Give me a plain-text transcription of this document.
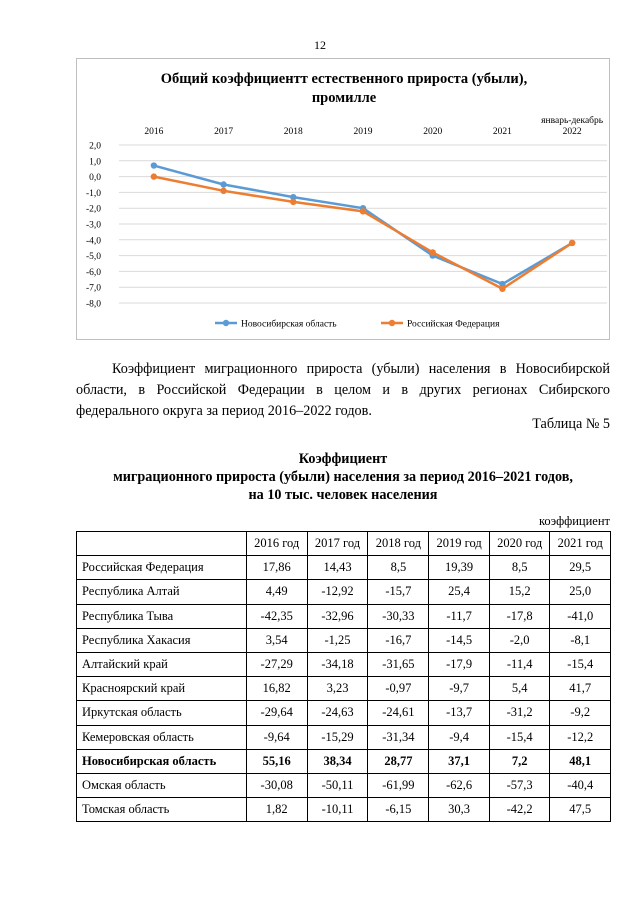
12
Общий коэффициентт естественного прироста (убыли),
промилле
2,0
1,0
0,0
-1,0
-2,0
-3,0
-4,0
-5,0
-6,0
-7,0
-8,0
2016	2017	2018	2019	2020	2021
январь-декабрь
2022
Новосибирская область	Российская Федерация

Коэффициент миграционного прироста (убыли) населения в Новосибирской области, в Российской Федерации в целом и в других регионах Сибирского федерального округа за период 2016–2022 годов.

Таблица № 5
Коэффициент
миграционного прироста (убыли) населения за период 2016–2021 годов,
на 10 тыс. человек населения
коэффициент
	2016 год	2017 год	2018 год	2019 год	2020 год	2021 год
Российская Федерация	17,86	14,43	8,5	19,39	8,5	29,5
Республика Алтай	4,49	-12,92	-15,7	25,4	15,2	25,0
Республика Тыва	-42,35	-32,96	-30,33	-11,7	-17,8	-41,0
Республика Хакасия	3,54	-1,25	-16,7	-14,5	-2,0	-8,1
Алтайский край	-27,29	-34,18	-31,65	-17,9	-11,4	-15,4
Красноярский край	16,82	3,23	-0,97	-9,7	5,4	41,7
Иркутская область	-29,64	-24,63	-24,61	-13,7	-31,2	-9,2
Кемеровская область	-9,64	-15,29	-31,34	-9,4	-15,4	-12,2
Новосибирская область	55,16	38,34	28,77	37,1	7,2	48,1
Омская область	-30,08	-50,11	-61,99	-62,6	-57,3	-40,4
Томская область	1,82	-10,11	-6,15	30,3	-42,2	47,5
